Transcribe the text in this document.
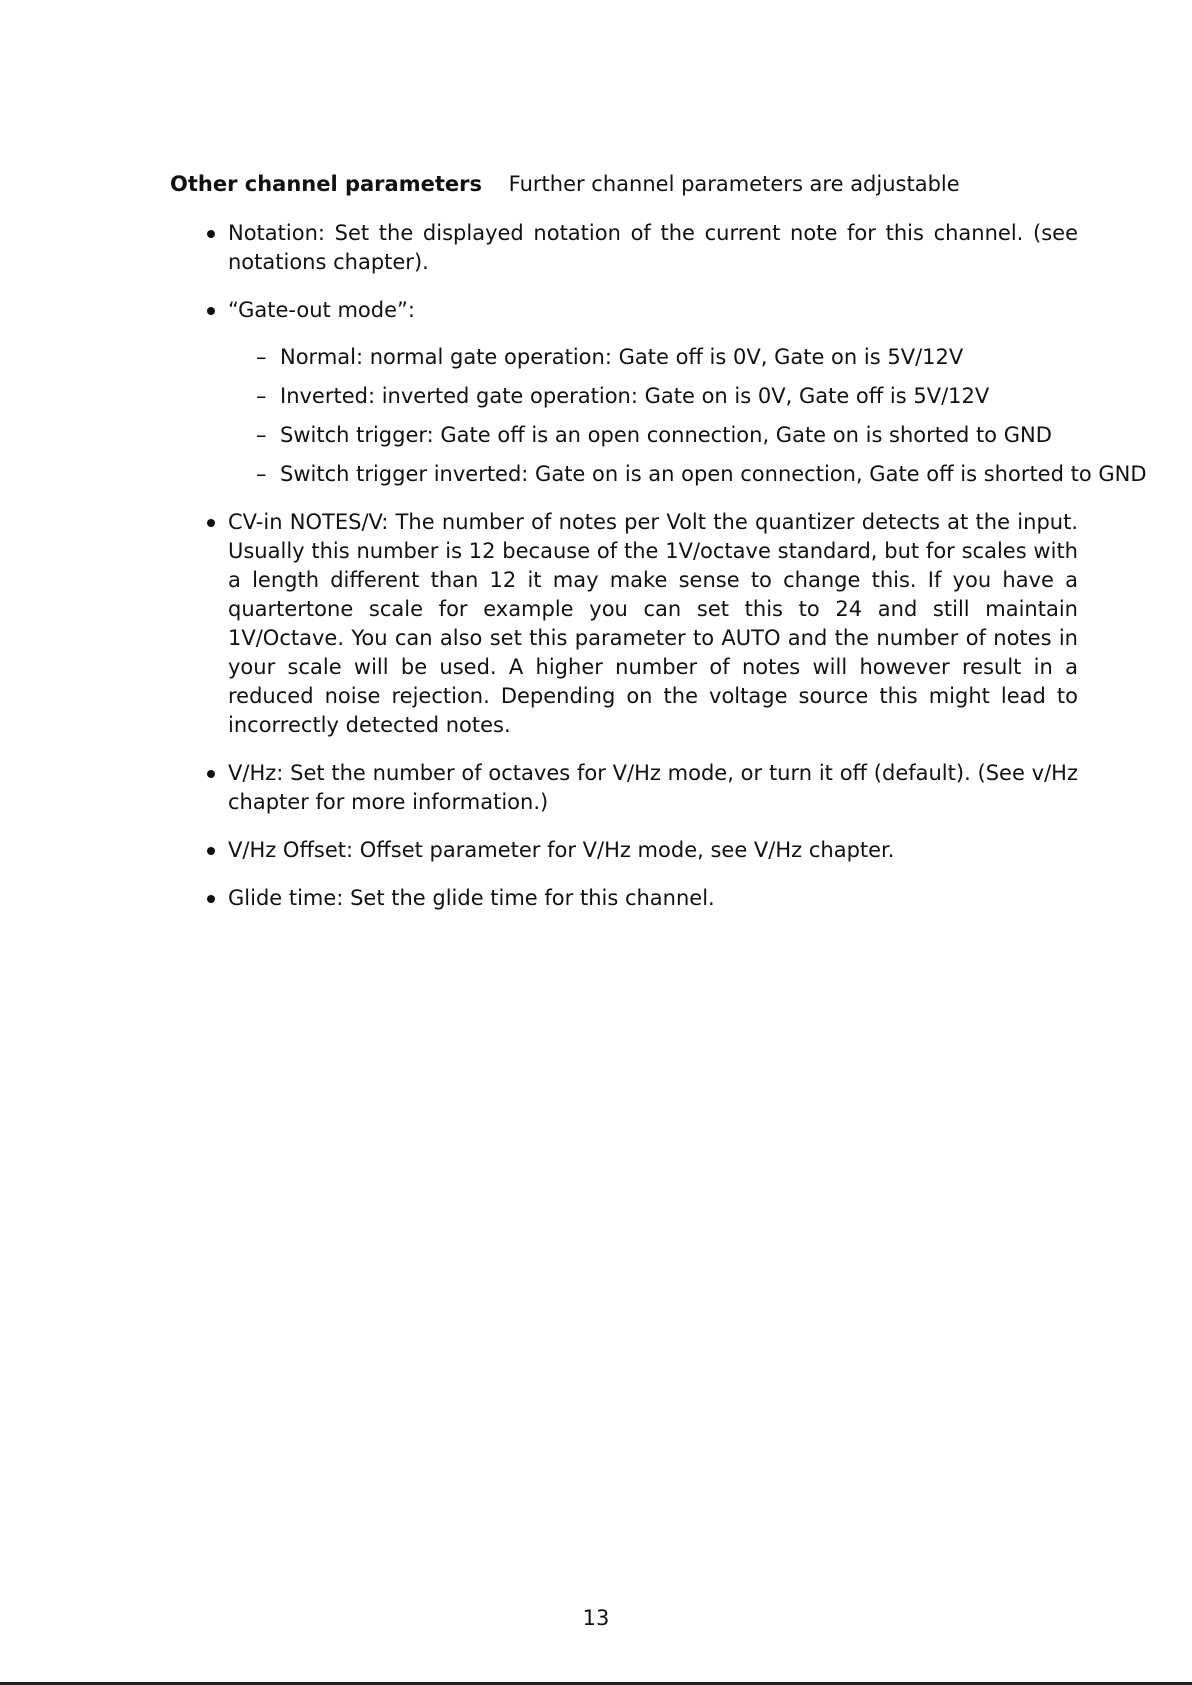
Other channel parameters Further channel parameters are adjustable
Notation: Set the displayed notation of the current note for this channel. (see notations chapter).
“Gate-out mode”:
– Normal: normal gate operation: Gate off is 0V, Gate on is 5V/12V
– Inverted: inverted gate operation: Gate on is 0V, Gate off is 5V/12V
– Switch trigger: Gate off is an open connection, Gate on is shorted to GND
– Switch trigger inverted: Gate on is an open connection, Gate off is shorted to GND
CV-in NOTES/V: The number of notes per Volt the quantizer detects at the input. Usually this number is 12 because of the 1V/octave standard, but for scales with a length different than 12 it may make sense to change this. If you have a quartertone scale for example you can set this to 24 and still maintain 1V/Octave. You can also set this parameter to AUTO and the number of notes in your scale will be used. A higher number of notes will however result in a reduced noise rejection. Depending on the voltage source this might lead to incorrectly detected notes.
V/Hz: Set the number of octaves for V/Hz mode, or turn it off (default). (See v/Hz chapter for more information.)
V/Hz Offset: Offset parameter for V/Hz mode, see V/Hz chapter.
Glide time: Set the glide time for this channel.
13
